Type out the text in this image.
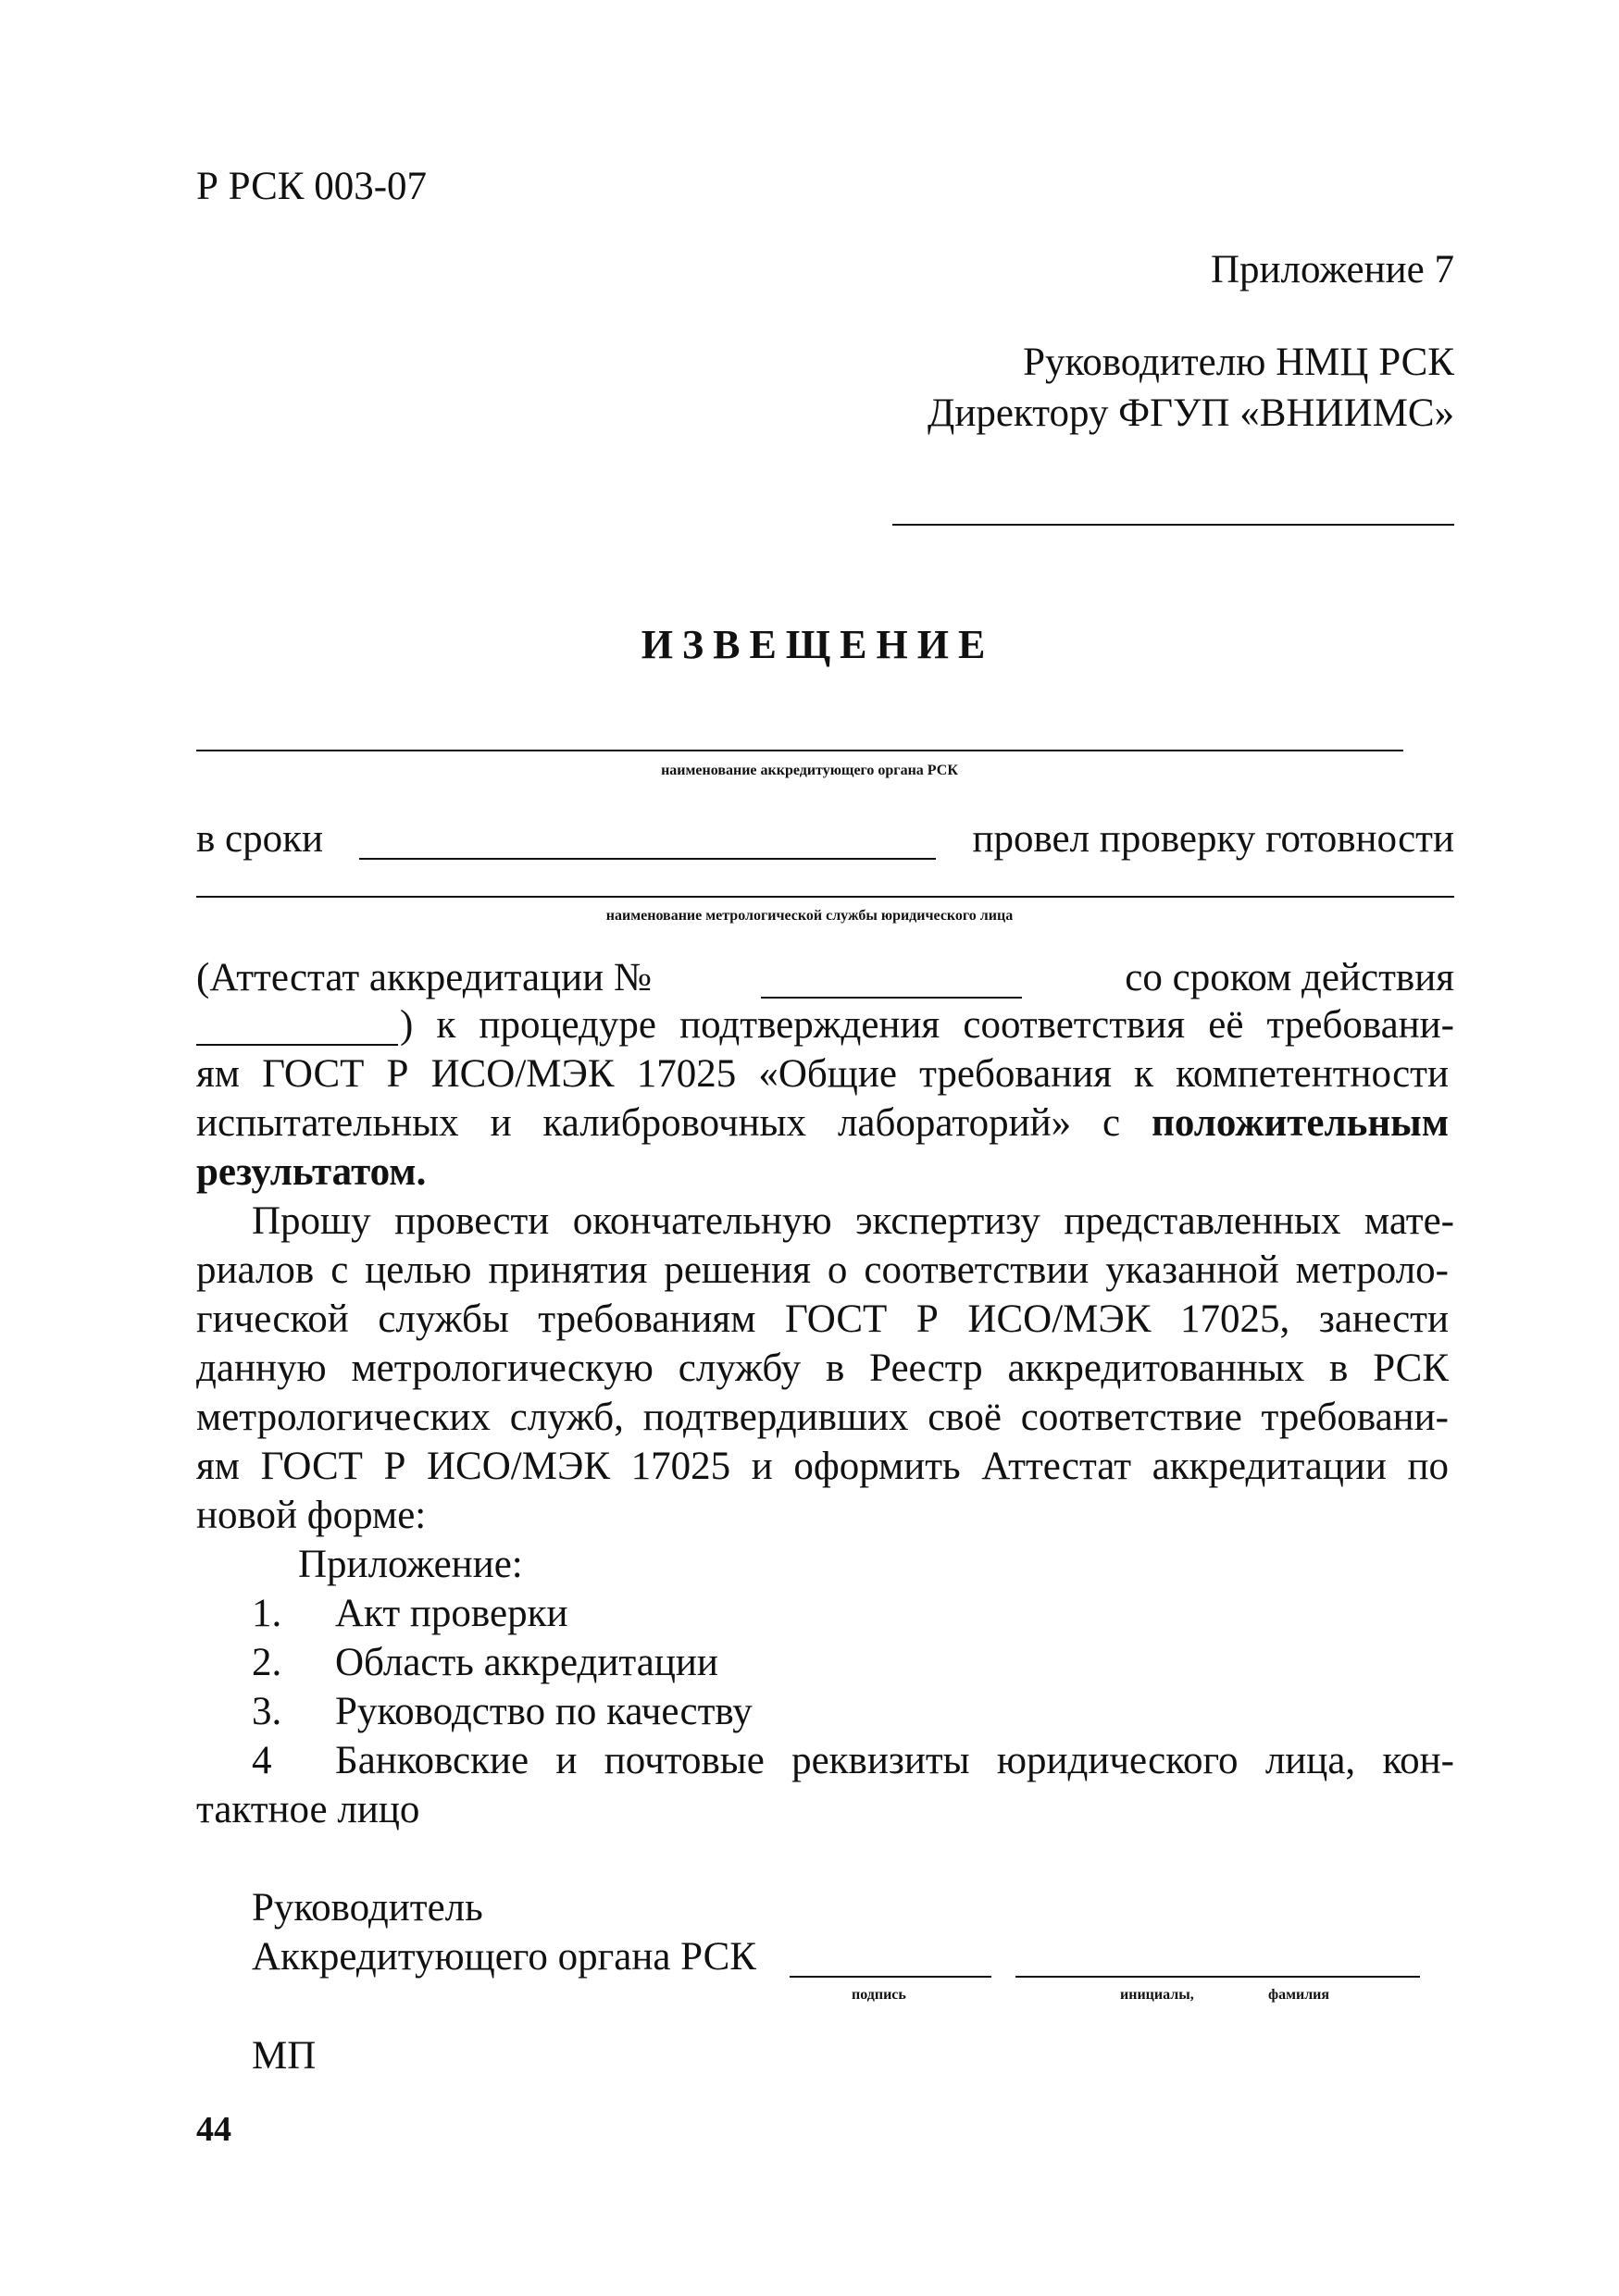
Р РСК 003-07
Приложение 7
Руководителю НМЦ РСК
Директору ФГУП «ВНИИМС»
ИЗВЕЩЕНИЕ
наименование аккредитующего органа РСК
в сроки	провел проверку готовности
наименование метрологической службы юридического лица
(Аттестат аккредитации №	со сроком действия
) к процедуре подтверждения соответствия её требовани-
ям ГОСТ Р ИСО/МЭК 17025 «Общие требования к компетентности
испытательных и калибровочных лабораторий» с положительным
результатом.
Прошу провести окончательную экспертизу представленных мате-
риалов с целью принятия решения о соответствии указанной метроло-
гической службы требованиям ГОСТ Р ИСО/МЭК 17025, занести
данную метрологическую службу в Реестр аккредитованных в РСК
метрологических служб, подтвердивших своё соответствие требовани-
ям ГОСТ Р ИСО/МЭК 17025 и оформить Аттестат аккредитации по
новой форме:
Приложение:
1. Акт проверки
2. Область аккредитации
3. Руководство по качеству
4 Банковские и почтовые реквизиты юридического лица, кон-
тактное лицо
Руководитель
Аккредитующего органа РСК
подпись	инициалы,	фамилия
МП
44
